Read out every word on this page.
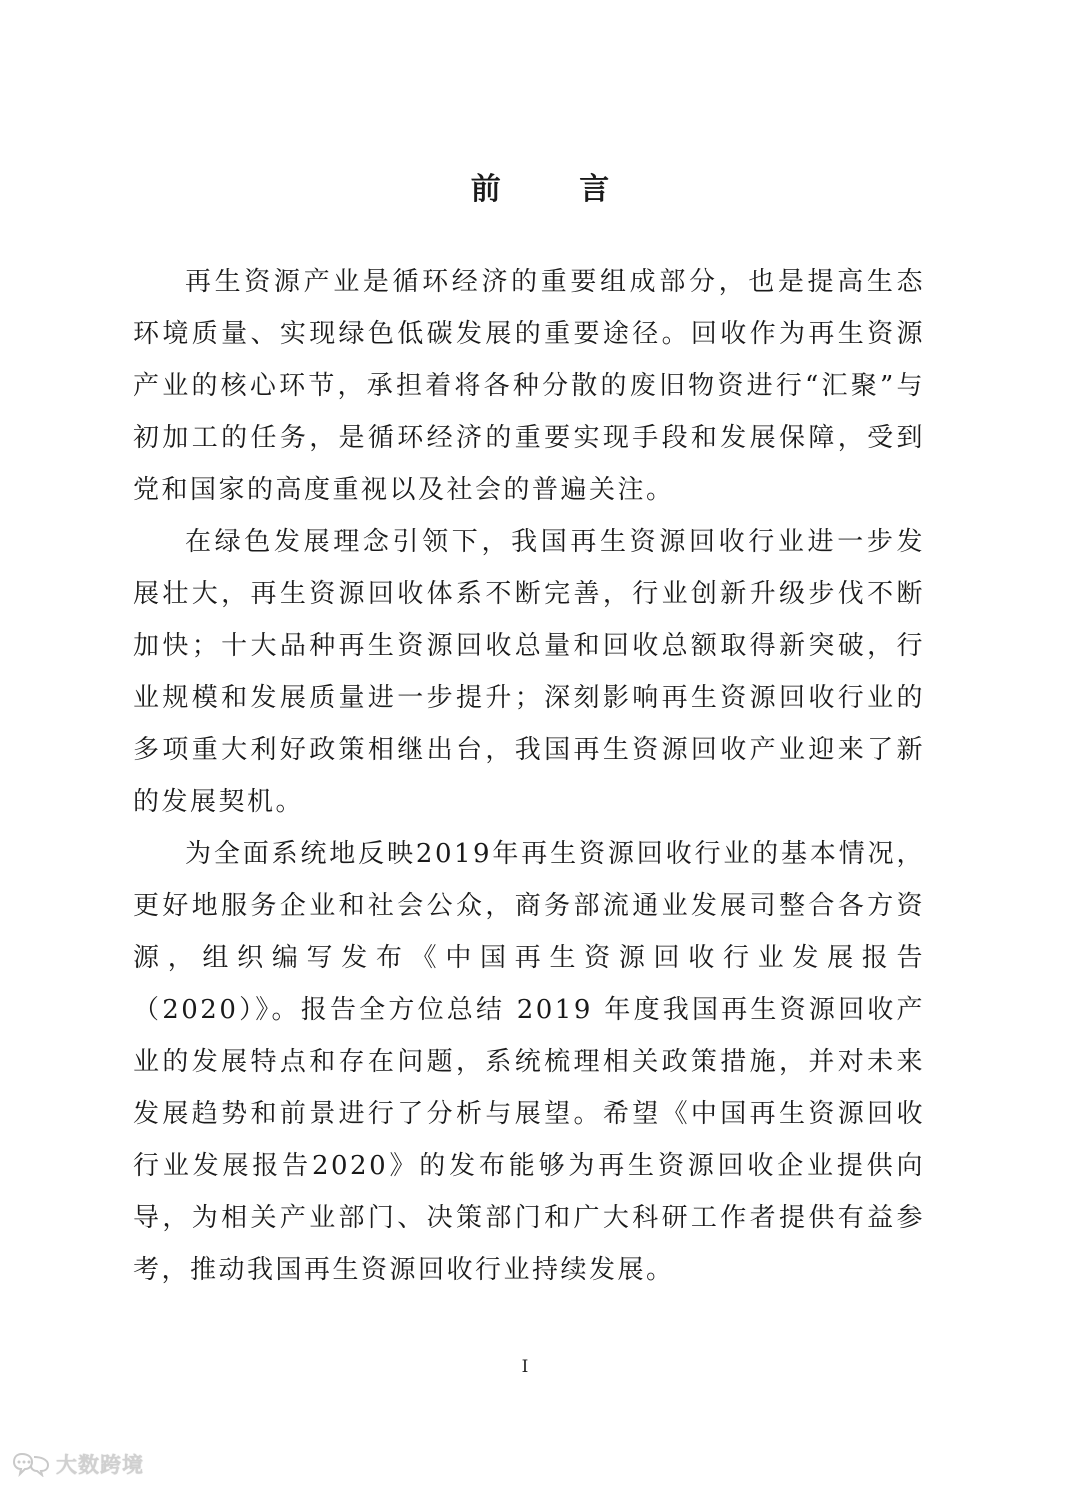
前 言

再生资源产业是循环经济的重要组成部分，也是提高生态环境质量、实现绿色低碳发展的重要途径。回收作为再生资源产业的核心环节，承担着将各种分散的废旧物资进行“汇聚”与初加工的任务，是循环经济的重要实现手段和发展保障，受到党和国家的高度重视以及社会的普遍关注。

在绿色发展理念引领下，我国再生资源回收行业进一步发展壮大，再生资源回收体系不断完善，行业创新升级步伐不断加快；十大品种再生资源回收总量和回收总额取得新突破，行业规模和发展质量进一步提升；深刻影响再生资源回收行业的多项重大利好政策相继出台，我国再生资源回收产业迎来了新的发展契机。

为全面系统地反映2019年再生资源回收行业的基本情况，更好地服务企业和社会公众，商务部流通业发展司整合各方资源，组织编写发布《中国再生资源回收行业发展报告（2020）》。报告全方位总结 2019 年度我国再生资源回收产业的发展特点和存在问题，系统梳理相关政策措施，并对未来发展趋势和前景进行了分析与展望。希望《中国再生资源回收行业发展报告2020》的发布能够为再生资源回收企业提供向导，为相关产业部门、决策部门和广大科研工作者提供有益参考，推动我国再生资源回收行业持续发展。

I
大数跨境
